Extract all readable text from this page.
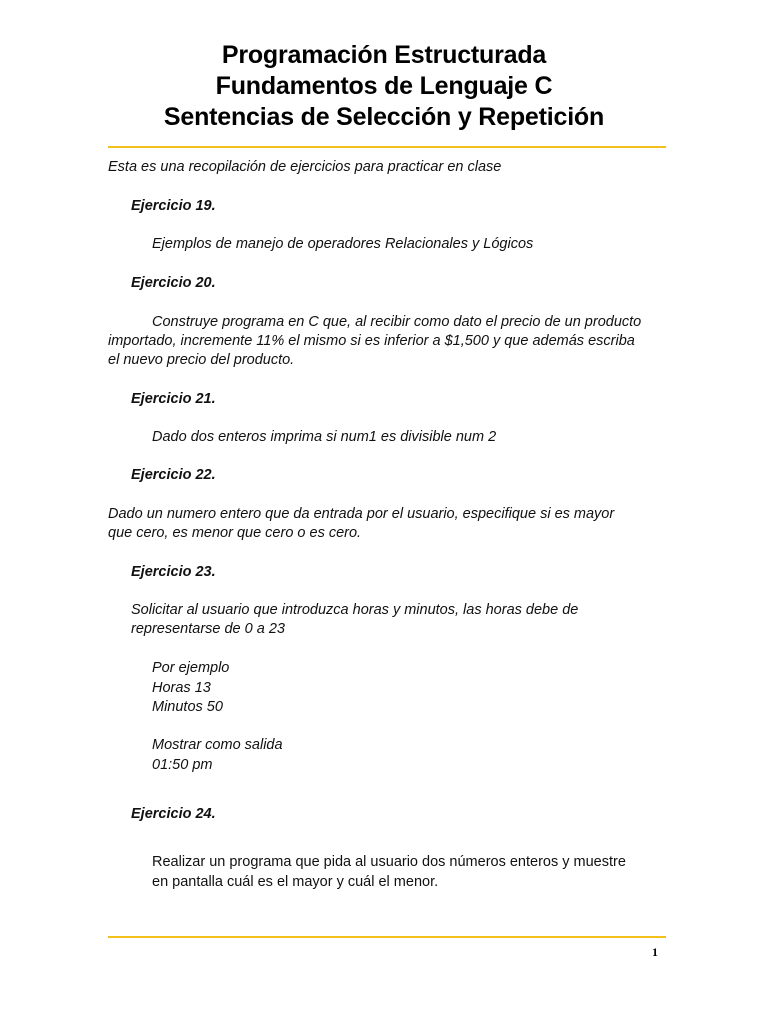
Programación Estructurada
Fundamentos de Lenguaje C
Sentencias de Selección y Repetición
Esta es una recopilación de ejercicios para practicar en clase
Ejercicio 19.
Ejemplos de manejo de operadores Relacionales y Lógicos
Ejercicio 20.
Construye programa en C que, al recibir como dato el precio de un producto
importado, incremente 11% el mismo si es inferior a $1,500 y que además escriba
el nuevo precio del producto.
Ejercicio 21.
Dado dos enteros imprima si num1 es divisible num 2
Ejercicio 22.
Dado un numero entero que da entrada por el usuario, especifique si es mayor
que cero, es menor que cero o es cero.
Ejercicio 23.
Solicitar al usuario que introduzca horas y minutos, las horas debe de
representarse de 0 a 23
Por ejemplo
Horas 13
Minutos 50
Mostrar como salida
01:50 pm
Ejercicio 24.
Realizar un programa que pida al usuario dos números enteros y muestre
en pantalla cuál es el mayor y cuál el menor.
1
